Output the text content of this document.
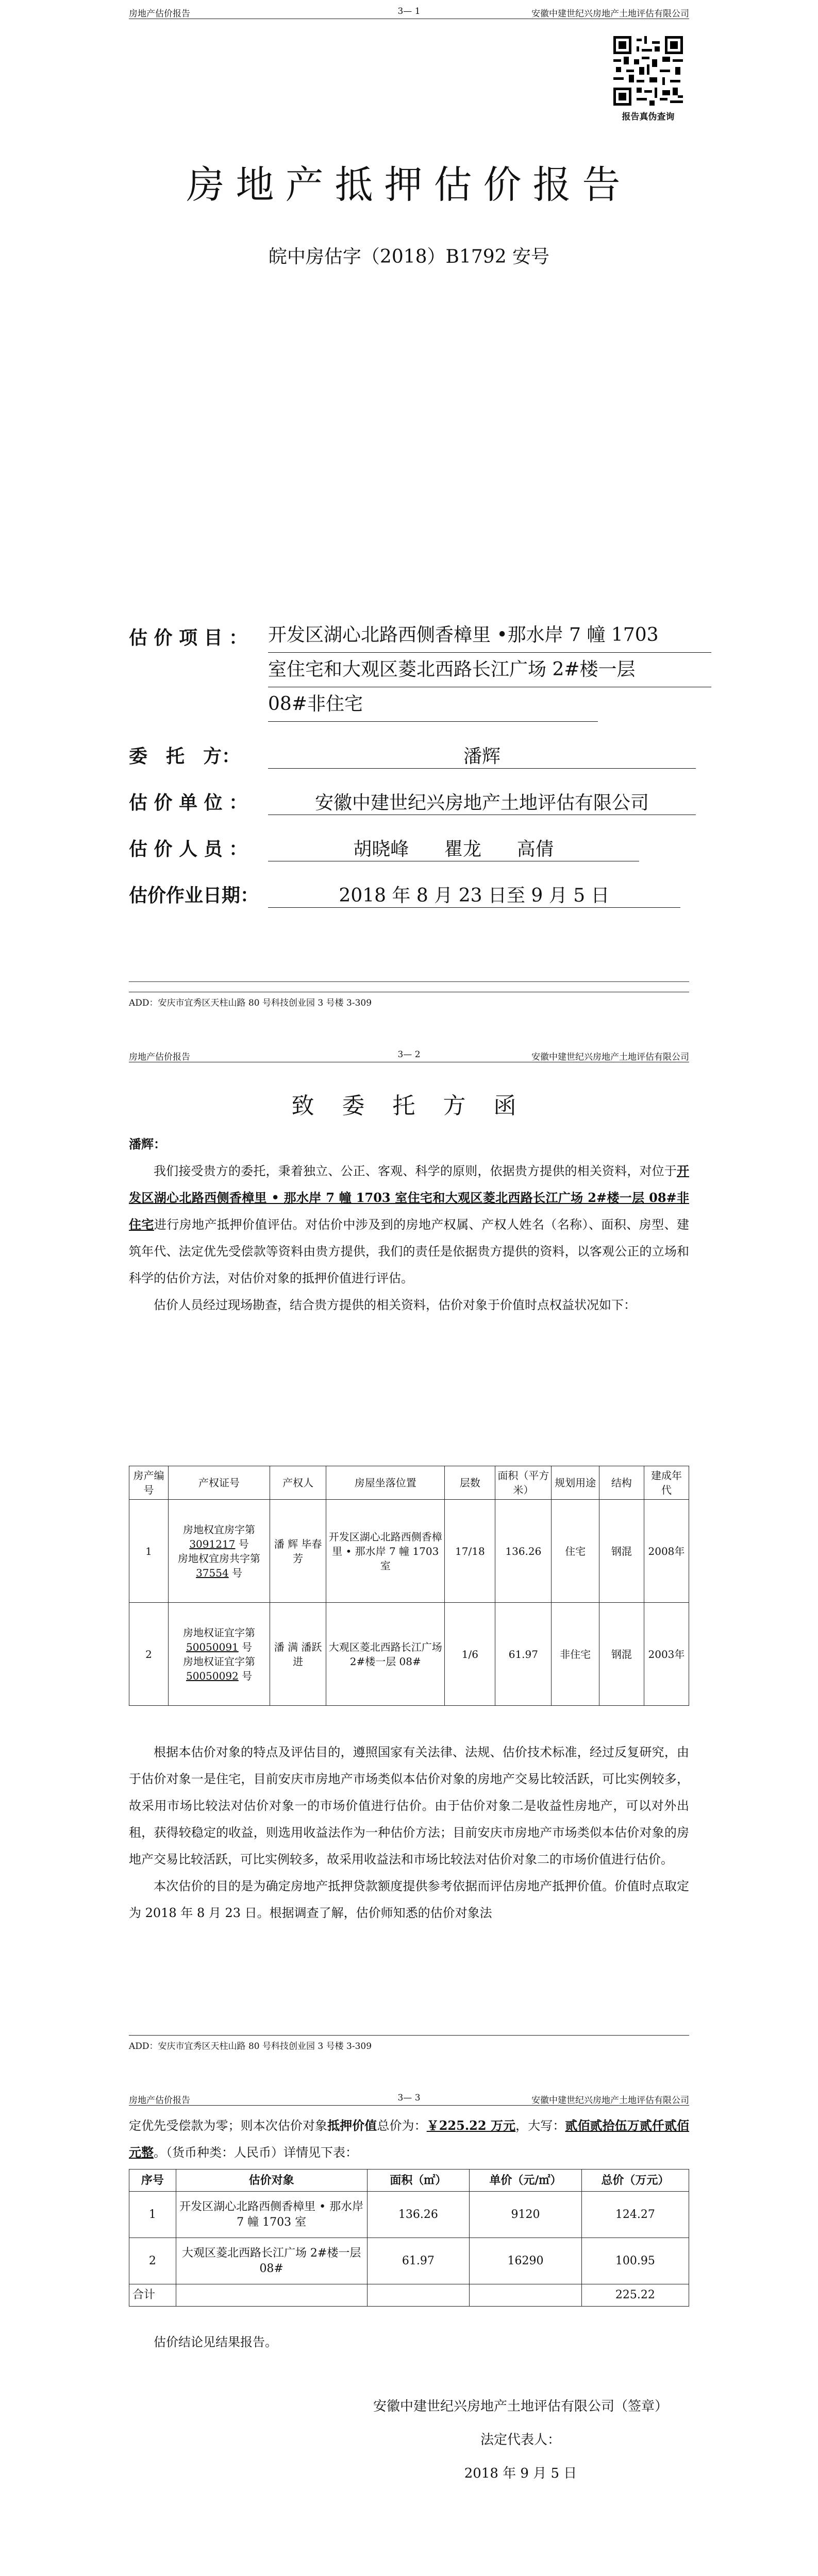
房地产估价报告	3— 1	安徽中建世纪兴房地产土地评估有限公司
报告真伪查询
房地产抵押估价报告
皖中房估字（2018）B1792 安号
估 价 项 目 ： 开发区湖心北路西侧香樟里 •那水岸 7 幢 1703
室住宅和大观区菱北西路长江广场 2#楼一层
08#非住宅
委　托　方：	潘辉
估 价 单 位 ：	安徽中建世纪兴房地产土地评估有限公司
估 价 人 员 ：	胡晓峰 瞿龙 高倩
估价作业日期：	2018 年 8 月 23 日至 9 月 5 日
ADD：安庆市宜秀区天柱山路 80 号科技创业园 3 号楼 3-309
房地产估价报告	3— 2	安徽中建世纪兴房地产土地评估有限公司
致 委 托 方 函

潘辉：

我们接受贵方的委托，秉着独立、公正、客观、科学的原则，依据贵方提供的相关资料，对位于开发区湖心北路西侧香樟里 • 那水岸 7 幢 1703 室住宅和大观区菱北西路长江广场 2#楼一层 08#非住宅进行房地产抵押价值评估。对估价中涉及到的房地产权属、产权人姓名（名称）、面积、房型、建筑年代、法定优先受偿款等资料由贵方提供，我们的责任是依据贵方提供的资料，以客观公正的立场和科学的估价方法，对估价对象的抵押价值进行评估。

估价人员经过现场勘查，结合贵方提供的相关资料，估价对象于价值时点权益状况如下：

房产编号	产权证号	产权人	房屋坐落位置	层数	面积（平方米）	规划用途	结构	建成年代
1	房地权宜房字第 3091217 号
房地权宜房共字第 37554 号	潘 辉 毕春芳	开发区湖心北路西侧香樟里 • 那水岸 7 幢 1703 室	17/18	136.26	住宅	钢混	2008年
2	房地权证宜字第 50050091 号
房地权证宜字第 50050092 号	潘 满 潘跃进	大观区菱北西路长江广场 2#楼一层 08#	1/6	61.97	非住宅	钢混	2003年

根据本估价对象的特点及评估目的，遵照国家有关法律、法规、估价技术标准，经过反复研究，由于估价对象一是住宅，目前安庆市房地产市场类似本估价对象的房地产交易比较活跃，可比实例较多，故采用市场比较法对估价对象一的市场价值进行估价。由于估价对象二是收益性房地产，可以对外出租，获得较稳定的收益，则选用收益法作为一种估价方法；目前安庆市房地产市场类似本估价对象的房地产交易比较活跃，可比实例较多，故采用收益法和市场比较法对估价对象二的市场价值进行估价。

本次估价的目的是为确定房地产抵押贷款额度提供参考依据而评估房地产抵押价值。价值时点取定为 2018 年 8 月 23 日。根据调查了解，估价师知悉的估价对象法

ADD：安庆市宜秀区天柱山路 80 号科技创业园 3 号楼 3-309
房地产估价报告	3— 3	安徽中建世纪兴房地产土地评估有限公司

定优先受偿款为零；则本次估价对象抵押价值总价为：￥225.22 万元，大写：贰佰贰拾伍万贰仟贰佰元整。（货币种类：人民币）详情见下表：

序号	估价对象	面积（㎡）	单价（元/㎡）	总价（万元）
1	开发区湖心北路西侧香樟里 • 那水岸 7 幢 1703 室	136.26	9120	124.27
2	大观区菱北西路长江广场 2#楼一层 08#	61.97	16290	100.95
合计				225.22

估价结论见结果报告。

安徽中建世纪兴房地产土地评估有限公司（签章）
法定代表人：
2018 年 9 月 5 日
